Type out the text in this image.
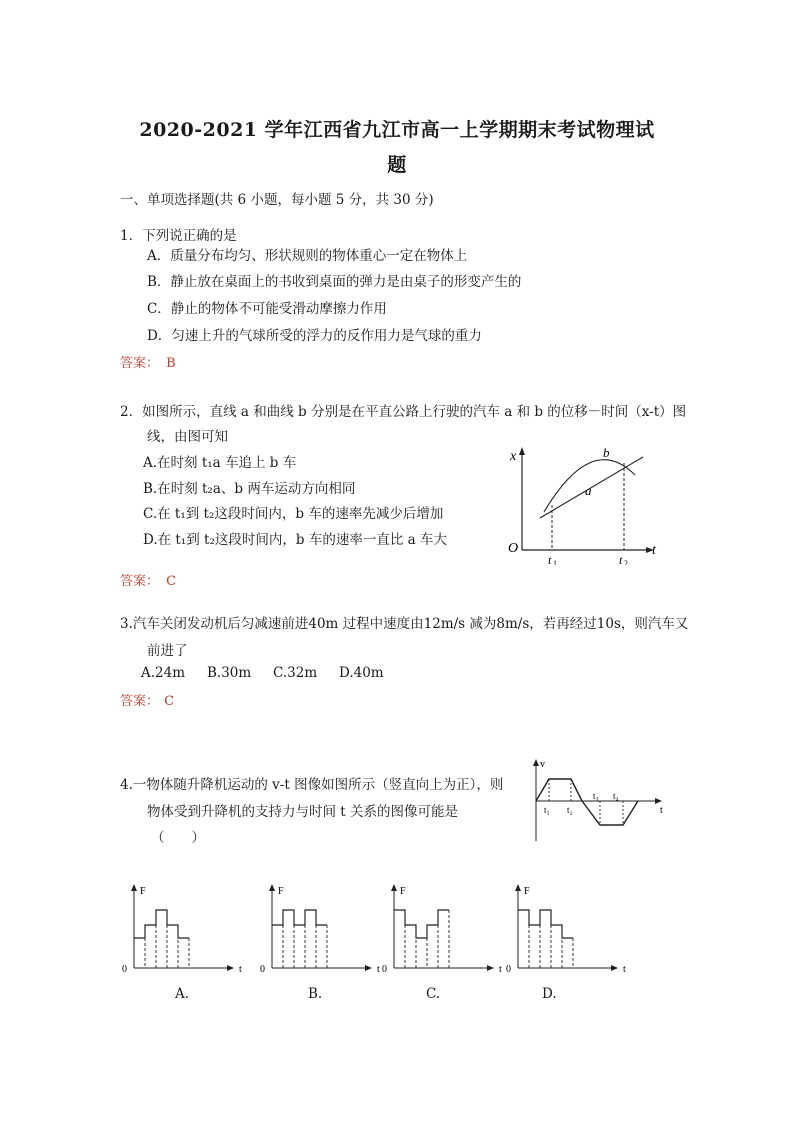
2020-2021 学年江西省九江市高一上学期期末考试物理试
题
一、单项选择题(共 6 小题，每小题 5 分，共 30 分)
1．下列说正确的是
A．质量分布均匀、形状规则的物体重心一定在物体上
B．静止放在桌面上的书收到桌面的弹力是由桌子的形变产生的
C．静止的物体不可能受滑动摩擦力作用
D．匀速上升的气球所受的浮力的反作用力是气球的重力
答案： B
2．如图所示，直线 a 和曲线 b 分别是在平直公路上行驶的汽车 a 和 b 的位移－时间（x-t）图
线，由图可知
A.在时刻 t₁a 车追上 b 车
B.在时刻 t₂a、b 两车运动方向相同
C.在 t₁到 t₂这段时间内，b 车的速率先减少后增加
D.在 t₁到 t₂这段时间内，b 车的速率一直比 a 车大
x
O	t
t 1	t 2
a
b
答案： C
3.汽车关闭发动机后匀减速前进40m 过程中速度由12m/s 减为8m/s，若再经过10s，则汽车又
前进了
A.24m B.30m C.32m D.40m
答案： C
4.一物体随升降机运动的 v-t 图像如图所示（竖直向上为正），则
物体受到升降机的支持力与时间 t 关系的图像可能是
（　　）
v
t
t₁ t₂
t₃ t₄
F
t
0
F
t
0
F
t
0
F
t
0
A.	B.	C.	D.
